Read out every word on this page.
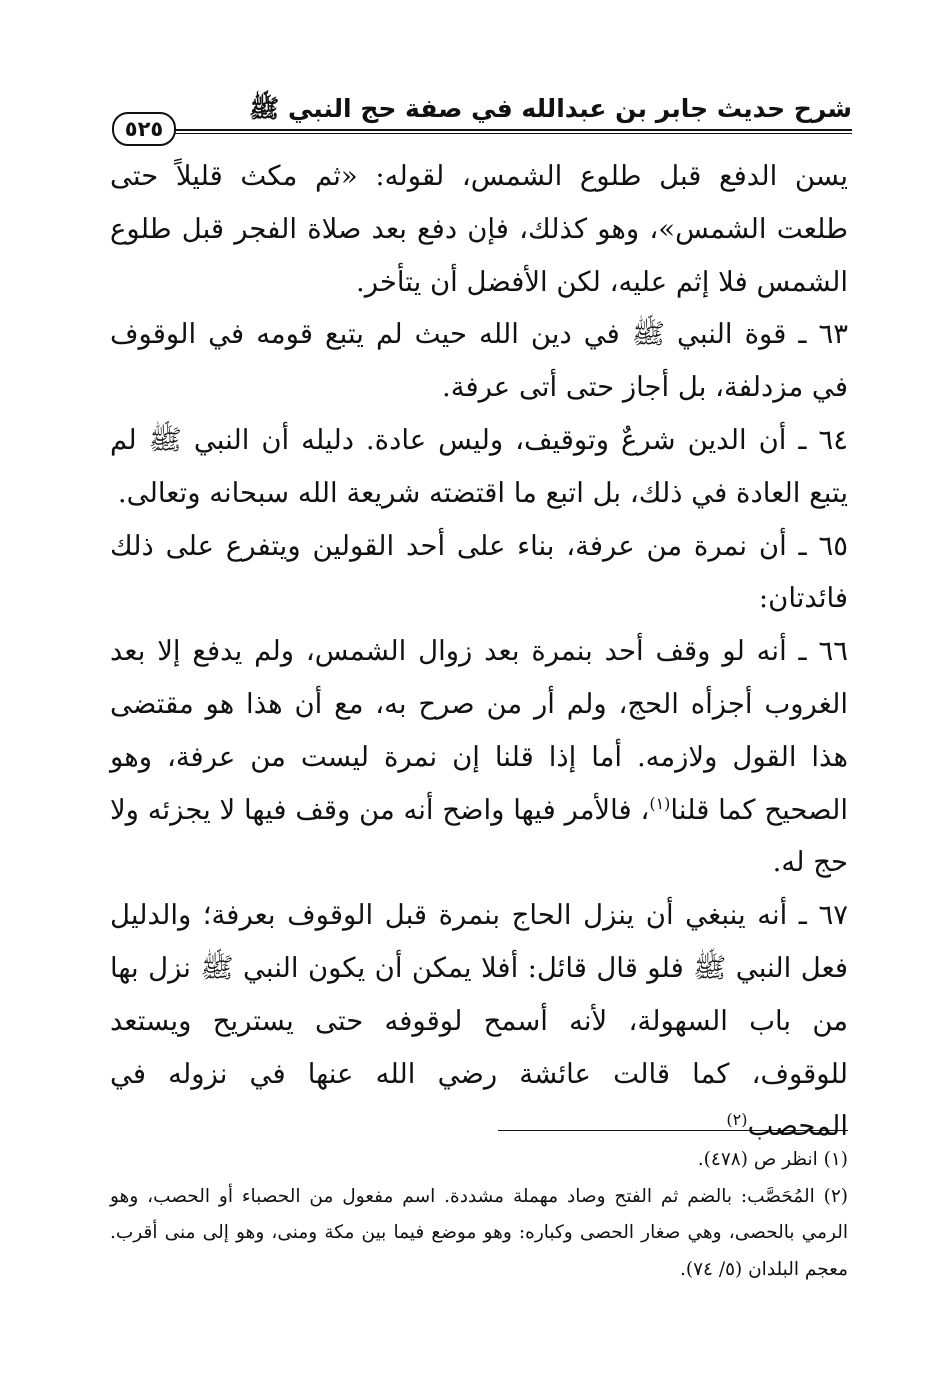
شرح حديث جابر بن عبدالله في صفة حج النبي ﷺ
٥٢٥

يسن الدفع قبل طلوع الشمس، لقوله: «ثم مكث قليلاً حتى طلعت الشمس»، وهو كذلك، فإن دفع بعد صلاة الفجر قبل طلوع الشمس فلا إثم عليه، لكن الأفضل أن يتأخر.

٦٣ ـ قوة النبي ﷺ في دين الله حيث لم يتبع قومه في الوقوف في مزدلفة، بل أجاز حتى أتى عرفة.

٦٤ ـ أن الدين شرعٌ وتوقيف، وليس عادة. دليله أن النبي ﷺ لم يتبع العادة في ذلك، بل اتبع ما اقتضته شريعة الله سبحانه وتعالى.

٦٥ ـ أن نمرة من عرفة، بناء على أحد القولين ويتفرع على ذلك فائدتان:

٦٦ ـ أنه لو وقف أحد بنمرة بعد زوال الشمس، ولم يدفع إلا بعد الغروب أجزأه الحج، ولم أر من صرح به، مع أن هذا هو مقتضى هذا القول ولازمه. أما إذا قلنا إن نمرة ليست من عرفة، وهو الصحيح كما قلنا$^{(١)}$، فالأمر فيها واضح أنه من وقف فيها لا يجزئه ولا حج له.

٦٧ ـ أنه ينبغي أن ينزل الحاج بنمرة قبل الوقوف بعرفة؛ والدليل فعل النبي ﷺ فلو قال قائل: أفلا يمكن أن يكون النبي ﷺ نزل بها من باب السهولة، لأنه أسمح لوقوفه حتى يستريح ويستعد للوقوف، كما قالت عائشة رضي الله عنها في نزوله في المحصب$^{(٢)}$

(١) انظر ص (٤٧٨).

(٢) المُحَصَّب: بالضم ثم الفتح وصاد مهملة مشددة. اسم مفعول من الحصباء أو الحصب، وهو الرمي بالحصى، وهي صغار الحصى وكباره: وهو موضع فيما بين مكة ومنى، وهو إلى منى أقرب. معجم البلدان (٥/ ٧٤).
